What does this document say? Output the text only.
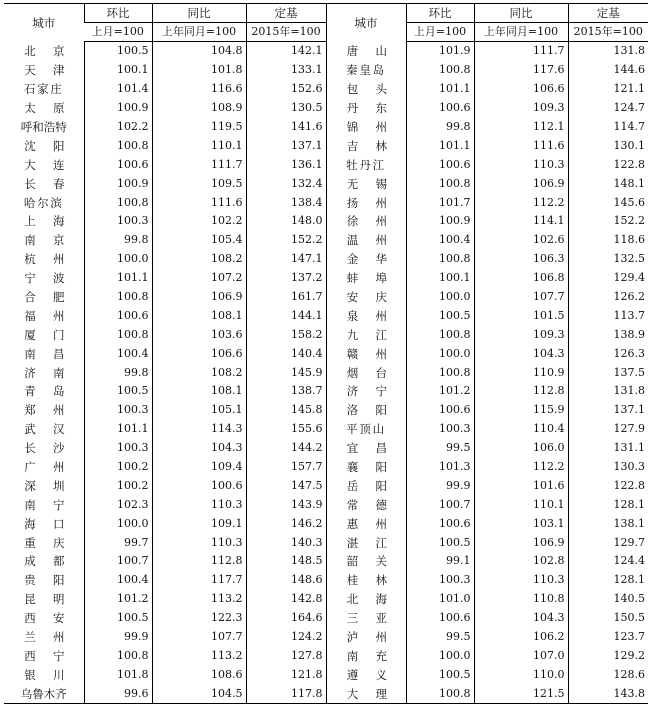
城市	环比	同比	定基	城市	环比	同比	定基
	上月=100	上年同月=100	2015年=100		上月=100	上年同月=100	2015年=100
北京	100.5	104.8	142.1	唐山	101.9	111.7	131.8
天津	100.1	101.8	133.1	秦皇岛	100.8	117.6	144.6
石家庄	101.4	116.6	152.6	包头	101.1	106.6	121.1
太原	100.9	108.9	130.5	丹东	100.6	109.3	124.7
呼和浩特	102.2	119.5	141.6	锦州	99.8	112.1	114.7
沈阳	100.8	110.1	137.1	吉林	101.1	111.6	130.1
大连	100.6	111.7	136.1	牡丹江	100.6	110.3	122.8
长春	100.9	109.5	132.4	无锡	100.8	106.9	148.1
哈尔滨	100.8	111.6	138.4	扬州	101.7	112.2	145.6
上海	100.3	102.2	148.0	徐州	100.9	114.1	152.2
南京	99.8	105.4	152.2	温州	100.4	102.6	118.6
杭州	100.0	108.2	147.1	金华	100.8	106.3	132.5
宁波	101.1	107.2	137.2	蚌埠	100.1	106.8	129.4
合肥	100.8	106.9	161.7	安庆	100.0	107.7	126.2
福州	100.6	108.1	144.1	泉州	100.5	101.5	113.7
厦门	100.8	103.6	158.2	九江	100.8	109.3	138.9
南昌	100.4	106.6	140.4	赣州	100.0	104.3	126.3
济南	99.8	108.2	145.9	烟台	100.8	110.9	137.5
青岛	100.5	108.1	138.7	济宁	101.2	112.8	131.8
郑州	100.3	105.1	145.8	洛阳	100.6	115.9	137.1
武汉	101.1	114.3	155.6	平顶山	100.3	110.4	127.9
长沙	100.3	104.3	144.2	宜昌	99.5	106.0	131.1
广州	100.2	109.4	157.7	襄阳	101.3	112.2	130.3
深圳	100.2	100.6	147.5	岳阳	99.9	101.6	122.8
南宁	102.3	110.3	143.9	常德	100.7	110.1	128.1
海口	100.0	109.1	146.2	惠州	100.6	103.1	138.1
重庆	99.7	110.3	140.3	湛江	100.5	106.9	129.7
成都	100.7	112.8	148.5	韶关	99.1	102.8	124.4
贵阳	100.4	117.7	148.6	桂林	100.3	110.3	128.1
昆明	101.2	113.2	142.8	北海	101.0	110.8	140.5
西安	100.5	122.3	164.6	三亚	100.6	104.3	150.5
兰州	99.9	107.7	124.2	泸州	99.5	106.2	123.7
西宁	100.8	113.2	127.8	南充	100.0	107.0	129.2
银川	101.8	108.6	121.8	遵义	100.5	110.0	128.6
乌鲁木齐	99.6	104.5	117.8	大理	100.8	121.5	143.8
